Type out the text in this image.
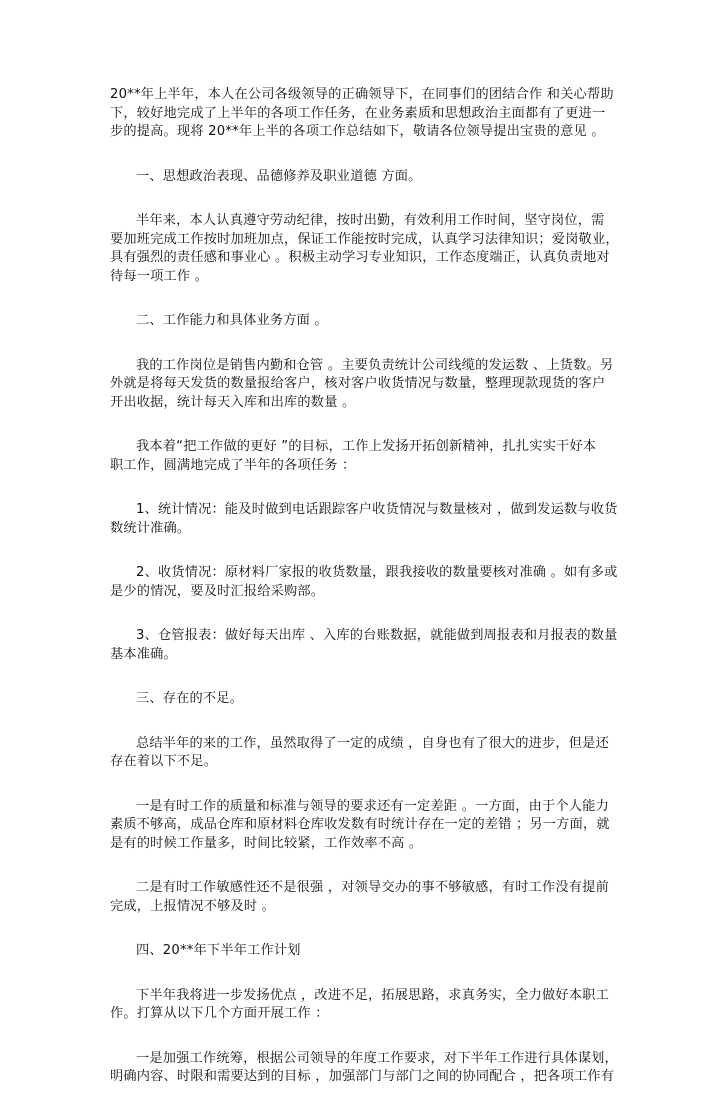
20**年上半年，本人在公司各级领导的正确领导下，在同事们的团结合作 和关心帮助
下，较好地完成了上半年的各项工作任务，在业务素质和思想政治主面都有了更进一
步的提高。现将 20**年上半的各项工作总结如下，敬请各位领导提出宝贵的意见 。

一、思想政治表现、品德修养及职业道德 方面。

半年来，本人认真遵守劳动纪律，按时出勤，有效利用工作时间，坚守岗位，需
要加班完成工作按时加班加点，保证工作能按时完成，认真学习法律知识；爱岗敬业，
具有强烈的责任感和事业心 。积极主动学习专业知识，工作态度端正，认真负责地对
待每一项工作 。

二、工作能力和具体业务方面 。

我的工作岗位是销售内勤和仓管 。主要负责统计公司线缆的发运数 、上货数。另
外就是将每天发货的数量报给客户，核对客户收货情况与数量，整理现款现货的客户
开出收据，统计每天入库和出库的数量 。

我本着“把工作做的更好 ”的目标，工作上发扬开拓创新精神，扎扎实实干好本
职工作，圆满地完成了半年的各项任务 ：

1、统计情况：能及时做到电话跟踪客户收货情况与数量核对 ，做到发运数与收货
数统计准确。

2、收货情况：原材料厂家报的收货数量，跟我接收的数量要核对准确 。如有多或
是少的情况，要及时汇报给采购部。

3、仓管报表：做好每天出库 、入库的台账数据，就能做到周报表和月报表的数量
基本准确。

三、存在的不足。

总结半年的来的工作，虽然取得了一定的成绩 ，自身也有了很大的进步，但是还
存在着以下不足。

一是有时工作的质量和标准与领导的要求还有一定差距 。一方面，由于个人能力
素质不够高，成品仓库和原材料仓库收发数有时统计存在一定的差错 ；另一方面，就
是有的时候工作量多，时间比较紧，工作效率不高 。

二是有时工作敏感性还不是很强 ，对领导交办的事不够敏感，有时工作没有提前
完成，上报情况不够及时 。

四、20**年下半年工作计划

下半年我将进一步发扬优点 ，改进不足，拓展思路，求真务实，全力做好本职工
作。打算从以下几个方面开展工作 ：

一是加强工作统筹，根据公司领导的年度工作要求，对下半年工作进行具体谋划，
明确内容、时限和需要达到的目标 ，加强部门与部门之间的协同配合 ，把各项工作有
